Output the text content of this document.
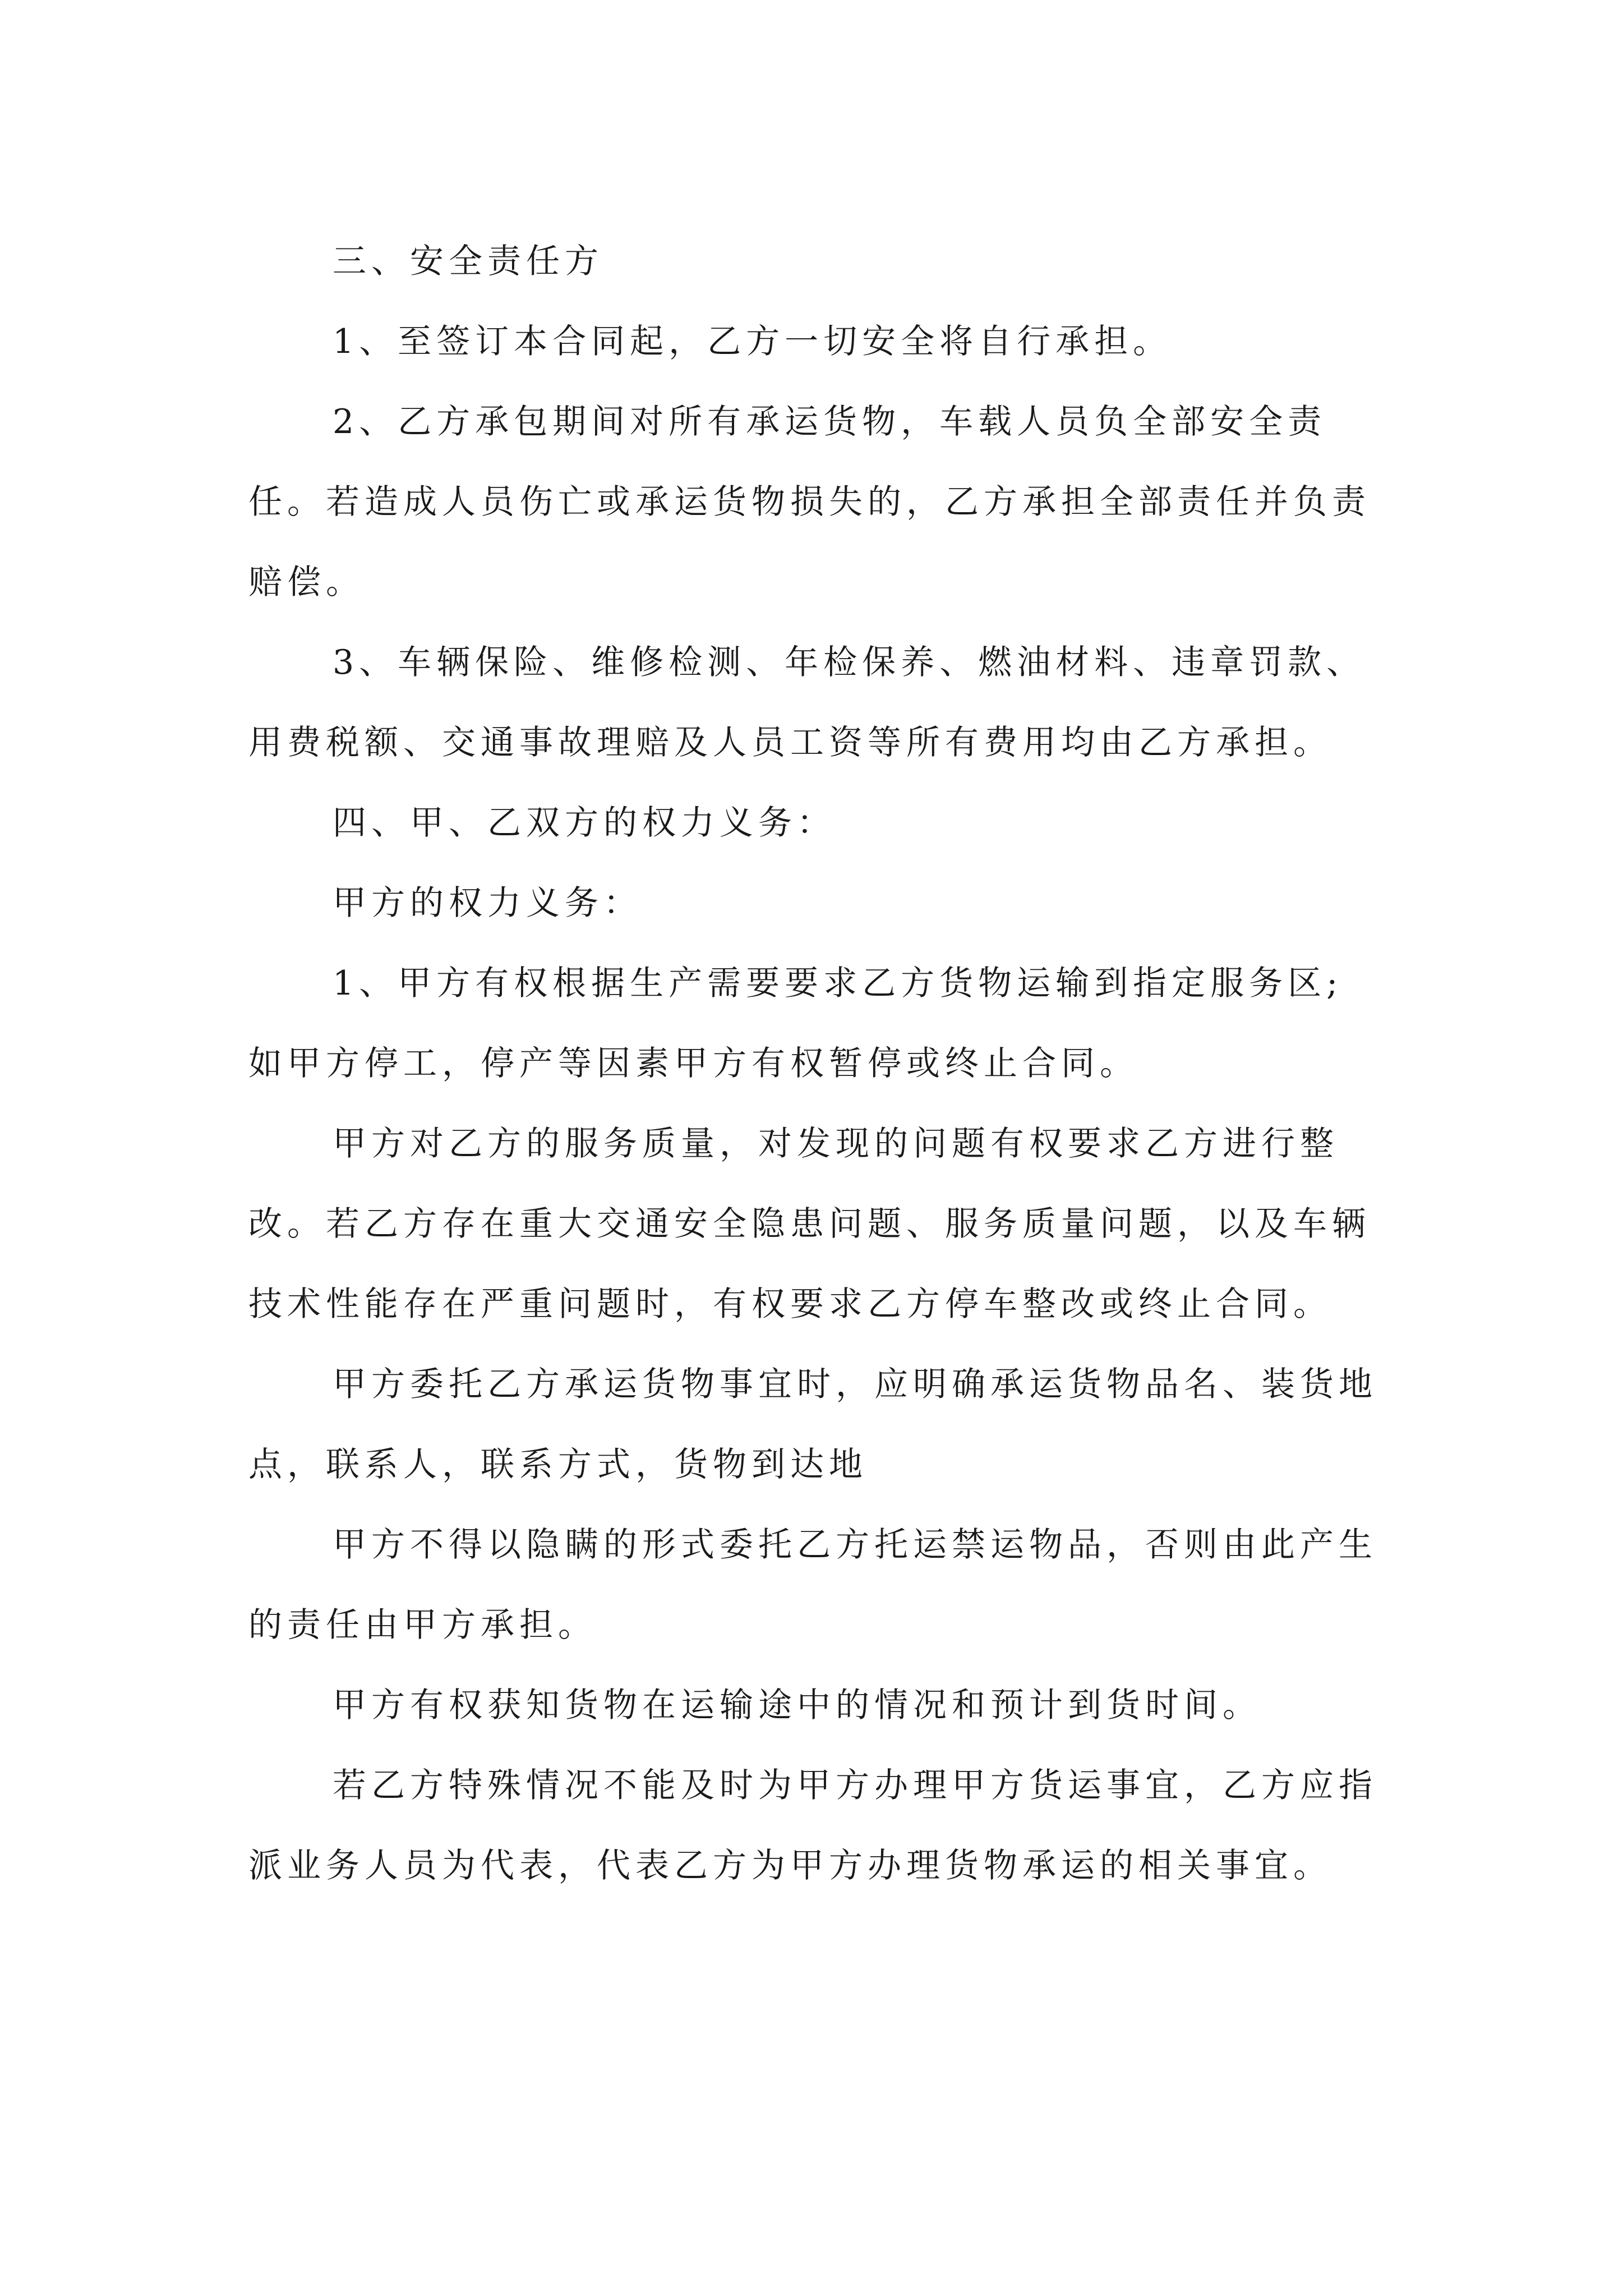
三、安全责任方

1、至签订本合同起，乙方一切安全将自行承担。

2、乙方承包期间对所有承运货物，车载人员负全部安全责任。若造成人员伤亡或承运货物损失的，乙方承担全部责任并负责赔偿。

3、车辆保险、维修检测、年检保养、燃油材料、违章罚款、用费税额、交通事故理赔及人员工资等所有费用均由乙方承担。

四、甲、乙双方的权力义务：

甲方的权力义务：

1、甲方有权根据生产需要要求乙方货物运输到指定服务区;如甲方停工，停产等因素甲方有权暂停或终止合同。

甲方对乙方的服务质量，对发现的问题有权要求乙方进行整改。若乙方存在重大交通安全隐患问题、服务质量问题，以及车辆技术性能存在严重问题时，有权要求乙方停车整改或终止合同。

甲方委托乙方承运货物事宜时，应明确承运货物品名、装货地点，联系人，联系方式，货物到达地

甲方不得以隐瞒的形式委托乙方托运禁运物品，否则由此产生的责任由甲方承担。

甲方有权获知货物在运输途中的情况和预计到货时间。

若乙方特殊情况不能及时为甲方办理甲方货运事宜，乙方应指派业务人员为代表，代表乙方为甲方办理货物承运的相关事宜。
